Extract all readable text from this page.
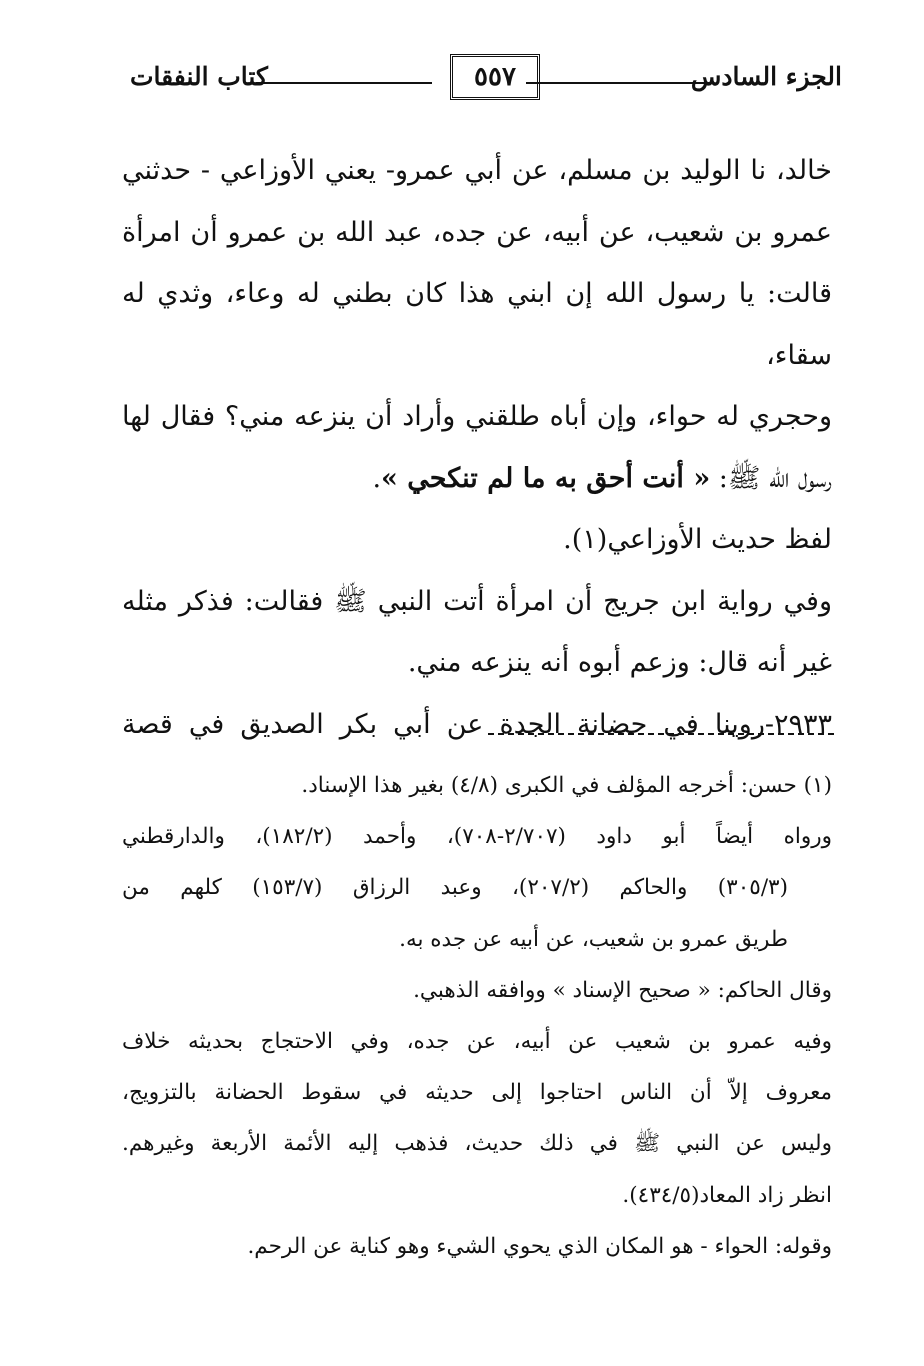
الجزء السادس
٥٥٧
كتاب النفقات

خالد، نا الوليد بن مسلم، عن أبي عمرو- يعني الأوزاعي - حدثني

عمرو بن شعيب، عن أبيه، عن جده، عبد الله بن عمرو أن امرأة

قالت: يا رسول الله إن ابني هذا كان بطني له وعاء، وثدي له سقاء،

وحجري له حواء، وإن أباه طلقني وأراد أن ينزعه مني؟ فقال لها

رسول الله ﷺ: « أنت أحق به ما لم تنكحي ».

لفظ حديث الأوزاعي(١).

وفي رواية ابن جريج أن امرأة أتت النبي ﷺ فقالت: فذكر مثله

غير أنه قال: وزعم أبوه أنه ينزعه مني.

٢٩٣٣-روينا في حضانة الجدة عن أبي بكر الصديق في قصة

(١) حسن: أخرجه المؤلف في الكبرى (٤/٨) بغير هذا الإسناد.

ورواه أيضاً أبو داود (٢/٧٠٧-٧٠٨)، وأحمد (١٨٢/٢)، والدارقطني

(٣٠٥/٣) والحاكم (٢٠٧/٢)، وعبد الرزاق (١٥٣/٧) كلهم من

طريق عمرو بن شعيب، عن أبيه عن جده به.

وقال الحاكم: « صحيح الإسناد » ووافقه الذهبي.

وفيه عمرو بن شعيب عن أبيه، عن جده، وفي الاحتجاج بحديثه خلاف

معروف إلاّ أن الناس احتاجوا إلى حديثه في سقوط الحضانة بالتزويج،

وليس عن النبي ﷺ في ذلك حديث، فذهب إليه الأئمة الأربعة وغيرهم.

انظر زاد المعاد(٤٣٤/٥).

وقوله: الحواء - هو المكان الذي يحوي الشيء وهو كناية عن الرحم.
